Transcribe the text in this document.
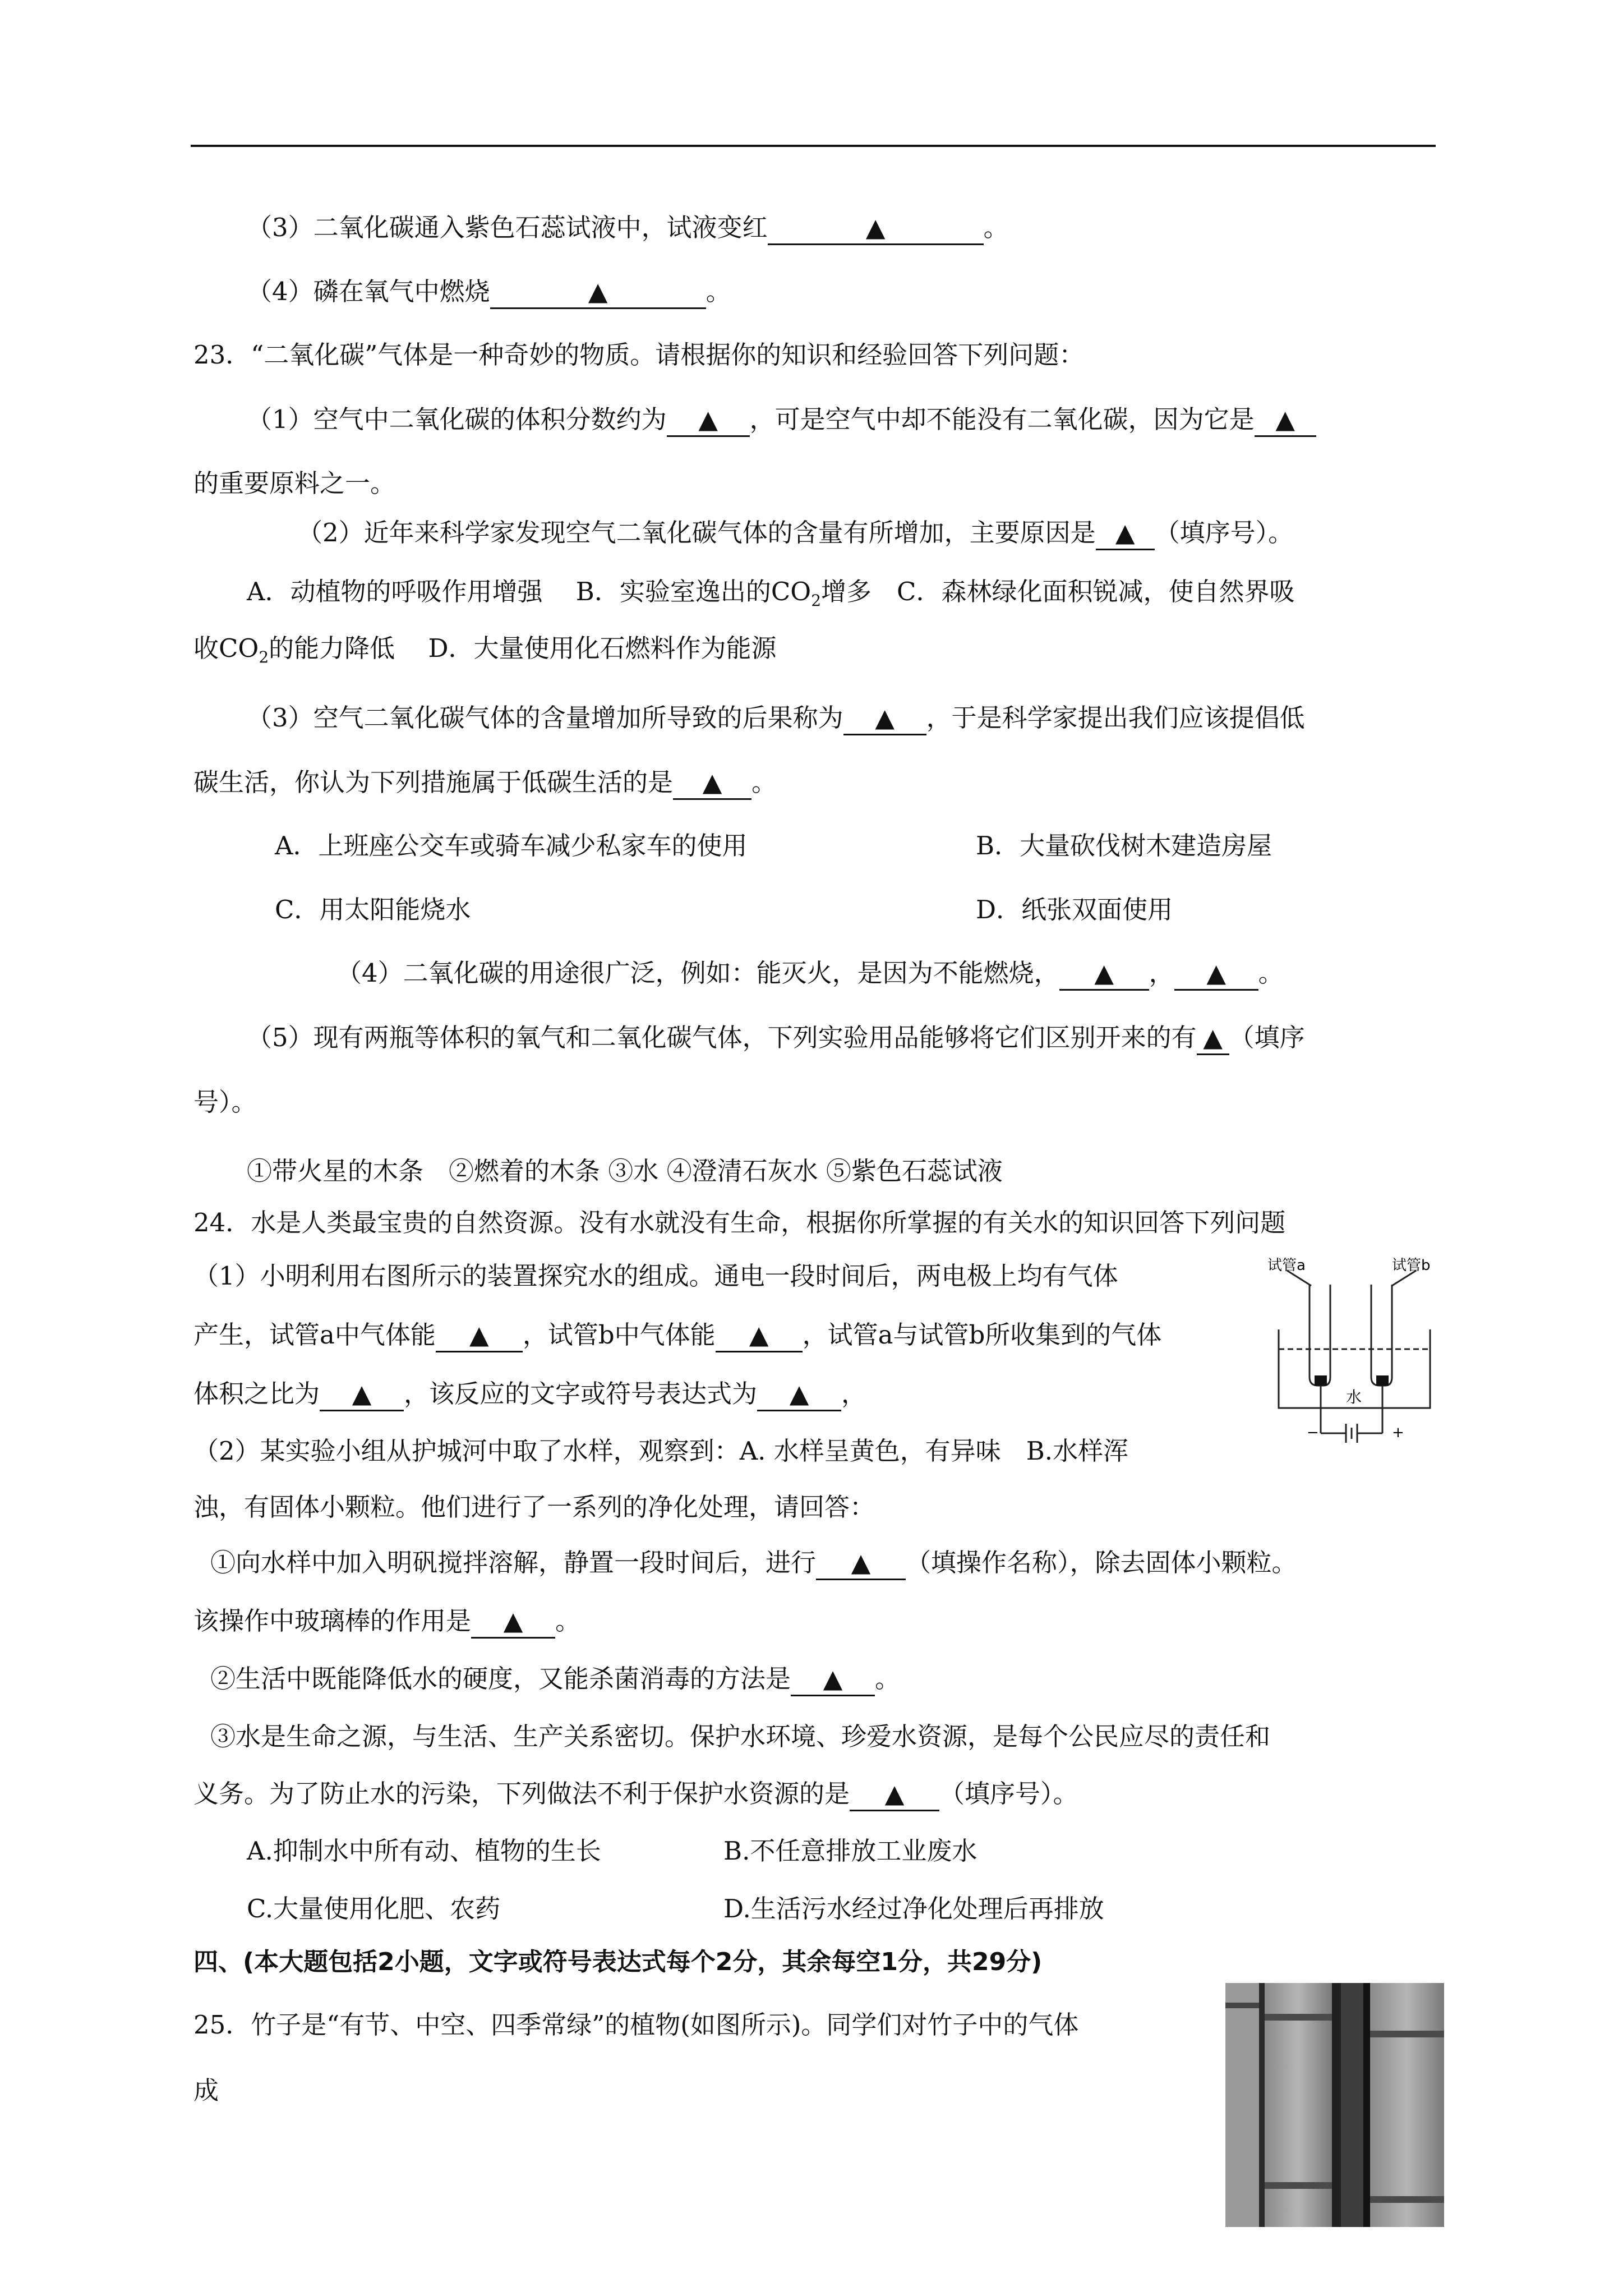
（3）二氧化碳通入紫色石蕊试液中，试液变红	▲	。
（4）磷在氧气中燃烧	▲	。
23．“二氧化碳”气体是一种奇妙的物质。请根据你的知识和经验回答下列问题：
（1）空气中二氧化碳的体积分数约为 ▲ ，可是空气中却不能没有二氧化碳，因为它是 ▲
的重要原料之一。
（2）近年来科学家发现空气二氧化碳气体的含量有所增加，主要原因是 ▲ （填序号）。
A．动植物的呼吸作用增强　 B．实验室逸出的$CO_2$增多　C．森林绿化面积锐减，使自然界吸
收$CO_2$的能力降低　 D．大量使用化石燃料作为能源
（3）空气二氧化碳气体的含量增加所导致的后果称为 ▲ ，于是科学家提出我们应该提倡低
碳生活，你认为下列措施属于低碳生活的是 ▲ 。
A．上班座公交车或骑车减少私家车的使用	B．大量砍伐树木建造房屋
C．用太阳能烧水	D．纸张双面使用
（4）二氧化碳的用途很广泛，例如：能灭火，是因为不能燃烧， ▲ ， ▲ 。
（5）现有两瓶等体积的氧气和二氧化碳气体，下列实验用品能够将它们区别开来的有 ▲ （填序
号）。
①带火星的木条　②燃着的木条 ③水 ④澄清石灰水 ⑤紫色石蕊试液
24．水是人类最宝贵的自然资源。没有水就没有生命，根据你所掌握的有关水的知识回答下列问题
（1）小明利用右图所示的装置探究水的组成。通电一段时间后，两电极上均有气体
产生，试管a中气体能 ▲ ，试管b中气体能 ▲ ，试管a与试管b所收集到的气体
体积之比为 ▲ ，该反应的文字或符号表达式为 ▲ ，
（2）某实验小组从护城河中取了水样，观察到：A. 水样呈黄色，有异味　B.水样浑
浊，有固体小颗粒。他们进行了一系列的净化处理，请回答：
①向水样中加入明矾搅拌溶解，静置一段时间后，进行 ▲ （填操作名称），除去固体小颗粒。
该操作中玻璃棒的作用是 ▲ 。
②生活中既能降低水的硬度，又能杀菌消毒的方法是 ▲ 。
③水是生命之源，与生活、生产关系密切。保护水环境、珍爱水资源，是每个公民应尽的责任和
义务。为了防止水的污染，下列做法不利于保护水资源的是 ▲ （填序号）。
A.抑制水中所有动、植物的生长	B.不任意排放工业废水
C.大量使用化肥、农药	D.生活污水经过净化处理后再排放
四、(本大题包括2小题，文字或符号表达式每个2分，其余每空1分，共29分)
25．竹子是“有节、中空、四季常绿”的植物(如图所示)。同学们对竹子中的气体
成
试管a	试管b
水
−	+
